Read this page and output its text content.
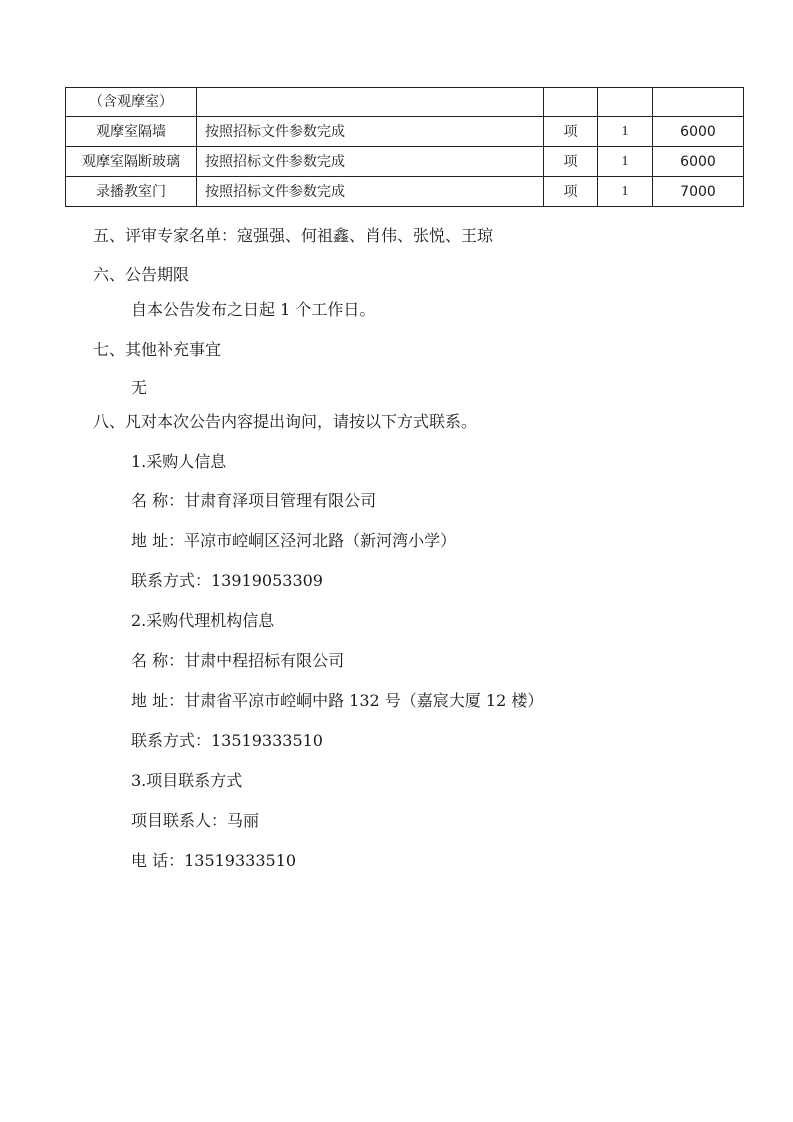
（含观摩室）				
观摩室隔墙	按照招标文件参数完成	项	1	6000
观摩室隔断玻璃	按照招标文件参数完成	项	1	6000
录播教室门	按照招标文件参数完成	项	1	7000
五、评审专家名单：寇强强、何祖鑫、肖伟、张悦、王琼
六、公告期限
自本公告发布之日起 1 个工作日。
七、其他补充事宜
无
八、凡对本次公告内容提出询问，请按以下方式联系。
1.采购人信息
名 称：甘肃育泽项目管理有限公司
地 址：平凉市崆峒区泾河北路（新河湾小学）
联系方式：13919053309
2.采购代理机构信息
名 称：甘肃中程招标有限公司
地 址：甘肃省平凉市崆峒中路 132 号（嘉宸大厦 12 楼）
联系方式：13519333510
3.项目联系方式
项目联系人：马丽
电 话：13519333510
